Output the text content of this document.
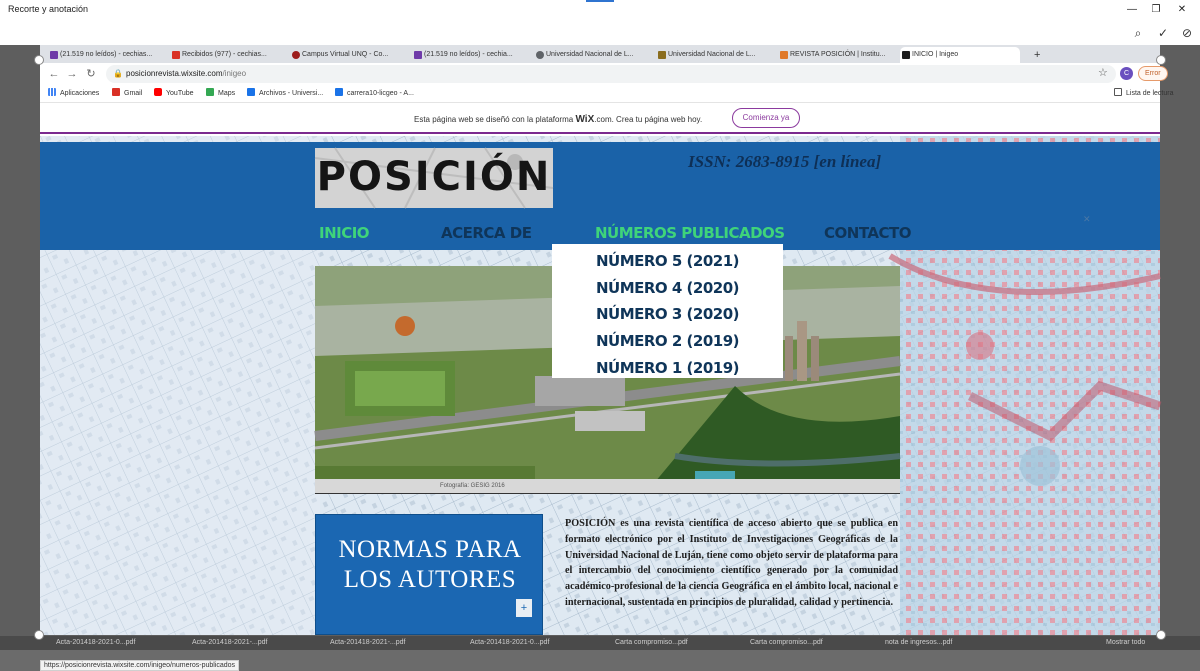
Recorte y anotación	—	❐	✕
⌕	✓	⊘
Acta-201418-2021-0...pdf	Acta-201418-2021-...pdf	Acta-201418-2021-...pdf	Acta-201418-2021-0...pdf	Carta compromiso...pdf	Carta compromiso...pdf	nota de ingresos...pdf	Mostrar todo
(21.519 no leídos) - cechias...	Recibidos (977) - cechias...	Campus Virtual UNQ - Co...	(21.519 no leídos) - cechia...	Universidad Nacional de L...	Universidad Nacional de L...	REVISTA POSICIÓN | Institu...	INICIO | Inigeo	+
← → ↻	🔒 posicionrevista.wixsite.com/inigeo	☆	C	Error
Aplicaciones	Gmail	YouTube	Maps	Archivos - Universi...	carrera10-licgeo - A...	Lista de lectura
Esta página web se diseñó con la plataforma WiX.com. Crea tu página web hoy.	Comienza ya
POSICIÓN	ISSN: 2683-8915 [en línea]
INICIO	ACERCA DE	NÚMEROS PUBLICADOS	CONTACTO
✕
Fotografía: GESIG 2016
NÚMERO 5 (2021)
NÚMERO 4 (2020)
NÚMERO 3 (2020)
NÚMERO 2 (2019)
NÚMERO 1 (2019)
NORMAS PARA LOS AUTORES
+
POSICIÓN es una revista científica de acceso abierto que se publica en formato electrónico por el Instituto de Investigaciones Geográficas de la Universidad Nacional de Luján, tiene como objeto servir de plataforma para el intercambio del conocimiento científico generado por la comunidad académico-profesional de la ciencia Geográfica en el ámbito local, nacional e internacional, sustentada en principios de pluralidad, calidad y pertinencia.
https://posicionrevista.wixsite.com/inigeo/numeros-publicados
